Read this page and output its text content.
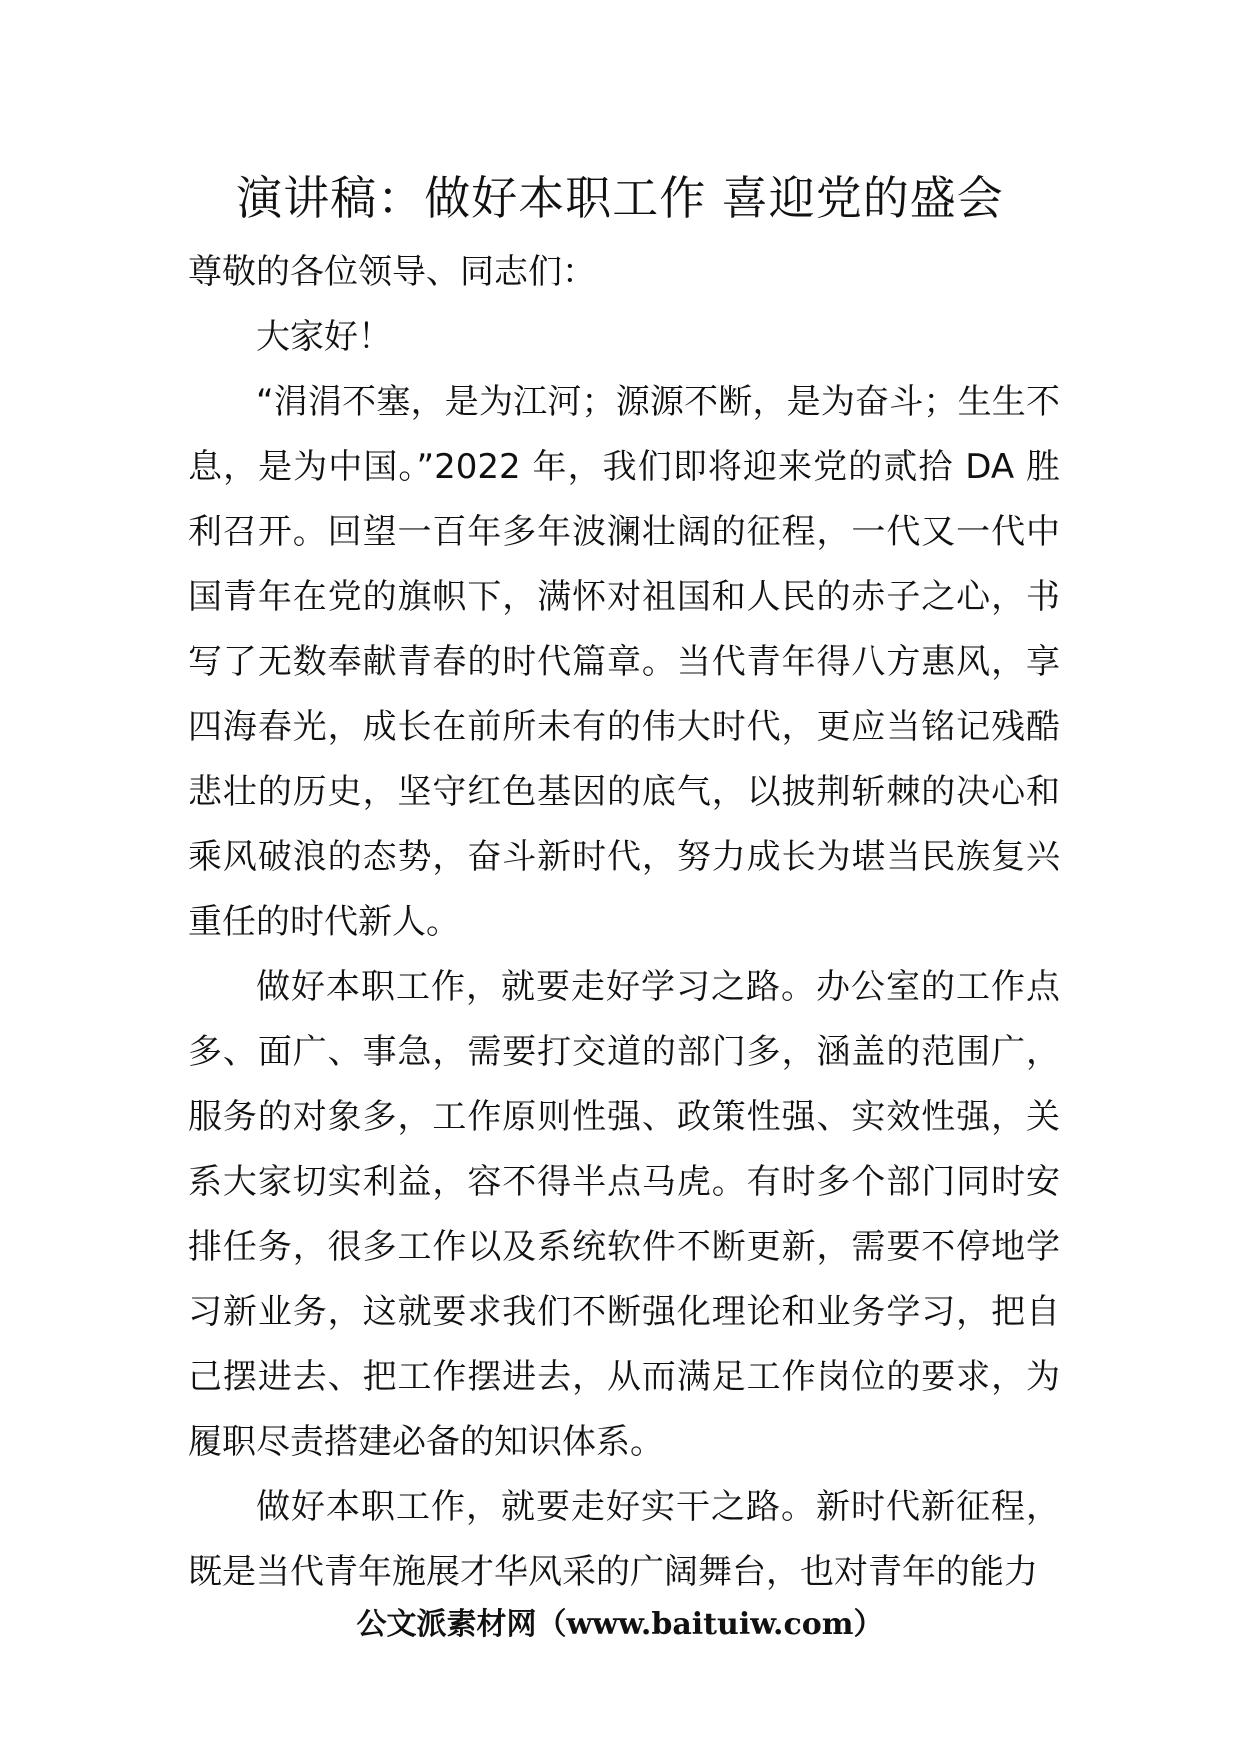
演讲稿：做好本职工作 喜迎党的盛会

尊敬的各位领导、同志们：

大家好！

“涓涓不塞，是为江河；源源不断，是为奋斗；生生不息，是为中国。”2022 年，我们即将迎来党的贰拾 DA 胜利召开。回望一百年多年波澜壮阔的征程，一代又一代中国青年在党的旗帜下，满怀对祖国和人民的赤子之心，书写了无数奉献青春的时代篇章。当代青年得八方惠风，享四海春光，成长在前所未有的伟大时代，更应当铭记残酷悲壮的历史，坚守红色基因的底气，以披荆斩棘的决心和乘风破浪的态势，奋斗新时代，努力成长为堪当民族复兴重任的时代新人。

做好本职工作，就要走好学习之路。办公室的工作点多、面广、事急，需要打交道的部门多，涵盖的范围广，服务的对象多，工作原则性强、政策性强、实效性强，关系大家切实利益，容不得半点马虎。有时多个部门同时安排任务，很多工作以及系统软件不断更新，需要不停地学习新业务，这就要求我们不断强化理论和业务学习，把自己摆进去、把工作摆进去，从而满足工作岗位的要求，为履职尽责搭建必备的知识体系。

做好本职工作，就要走好实干之路。新时代新征程，既是当代青年施展才华风采的广阔舞台，也对青年的能力

公文派素材网（www.baituiw.com）
